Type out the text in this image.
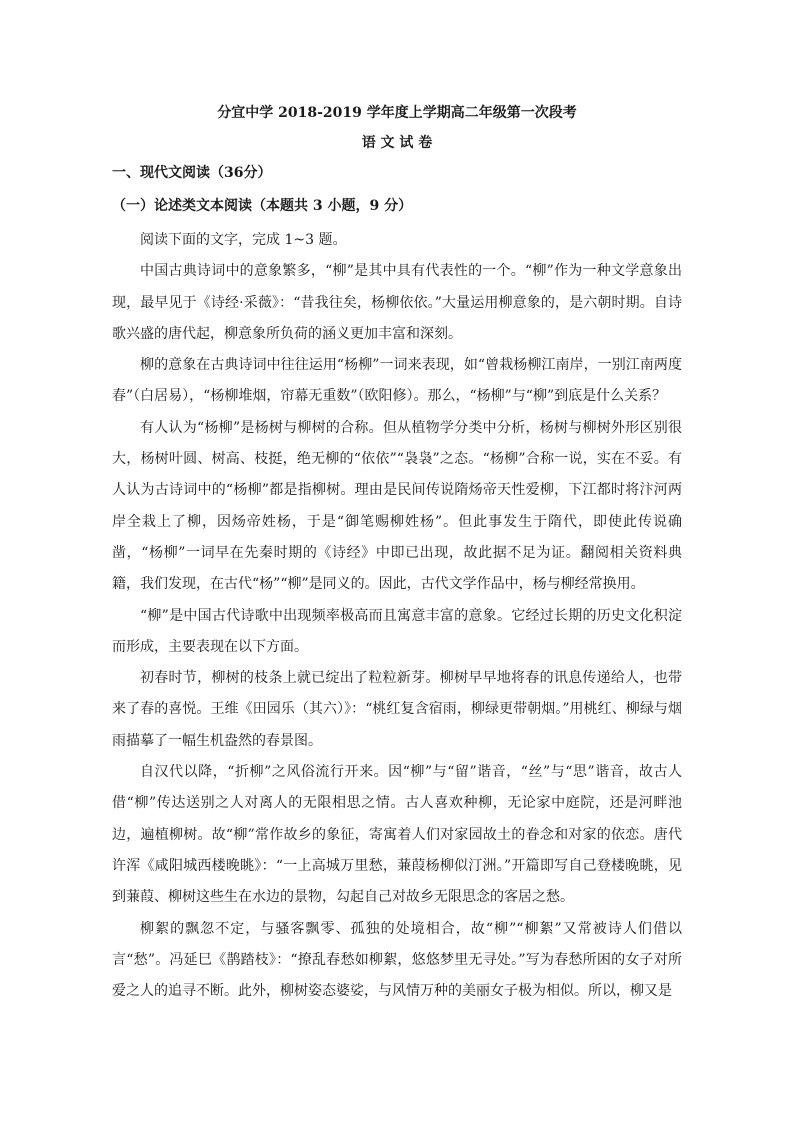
分宜中学 2018-2019 学年度上学期高二年级第一次段考
语 文 试 卷
一、现代文阅读（36分）
（一）论述类文本阅读（本题共 3 小题，9 分）

阅读下面的文字，完成 1~3 题。

中国古典诗词中的意象繁多，“柳”是其中具有代表性的一个。“柳”作为一种文学意象出现，最早见于《诗经·采薇》：“昔我往矣，杨柳依依。”大量运用柳意象的，是六朝时期。自诗歌兴盛的唐代起，柳意象所负荷的涵义更加丰富和深刻。

柳的意象在古典诗词中往往运用“杨柳”一词来表现，如“曾栽杨柳江南岸，一别江南两度春”（白居易），“杨柳堆烟，帘幕无重数”（欧阳修）。那么，“杨柳”与“柳”到底是什么关系？

有人认为“杨柳”是杨树与柳树的合称。但从植物学分类中分析，杨树与柳树外形区别很大，杨树叶圆、树高、枝挺，绝无柳的“依依”“袅袅”之态。“杨柳”合称一说，实在不妥。有人认为古诗词中的“杨柳”都是指柳树。理由是民间传说隋炀帝天性爱柳，下江都时将汴河两岸全栽上了柳，因炀帝姓杨，于是“御笔赐柳姓杨”。但此事发生于隋代，即使此传说确凿，“杨柳”一词早在先秦时期的《诗经》中即已出现，故此据不足为证。翻阅相关资料典籍，我们发现，在古代“杨”“柳”是同义的。因此，古代文学作品中，杨与柳经常换用。

“柳”是中国古代诗歌中出现频率极高而且寓意丰富的意象。它经过长期的历史文化积淀而形成，主要表现在以下方面。

初春时节，柳树的枝条上就已绽出了粒粒新芽。柳树早早地将春的讯息传递给人，也带来了春的喜悦。王维《田园乐（其六）》：“桃红复含宿雨，柳绿更带朝烟。”用桃红、柳绿与烟雨描摹了一幅生机盎然的春景图。

自汉代以降，“折柳”之风俗流行开来。因“柳”与“留”谐音，“丝”与“思”谐音，故古人借“柳”传达送别之人对离人的无限相思之情。古人喜欢种柳，无论家中庭院，还是河畔池边，遍植柳树。故“柳”常作故乡的象征，寄寓着人们对家园故土的眷念和对家的依恋。唐代许浑《咸阳城西楼晚眺》：“一上高城万里愁，蒹葭杨柳似汀洲。”开篇即写自己登楼晚眺，见到蒹葭、柳树这些生在水边的景物，勾起自己对故乡无限思念的客居之愁。

柳絮的飘忽不定，与骚客飘零、孤独的处境相合，故“柳”“柳絮”又常被诗人们借以言“愁”。冯延巳《鹊踏枝》：“撩乱春愁如柳絮，悠悠梦里无寻处。”写为春愁所困的女子对所爱之人的追寻不断。此外，柳树姿态婆娑，与风情万种的美丽女子极为相似。所以，柳又是
